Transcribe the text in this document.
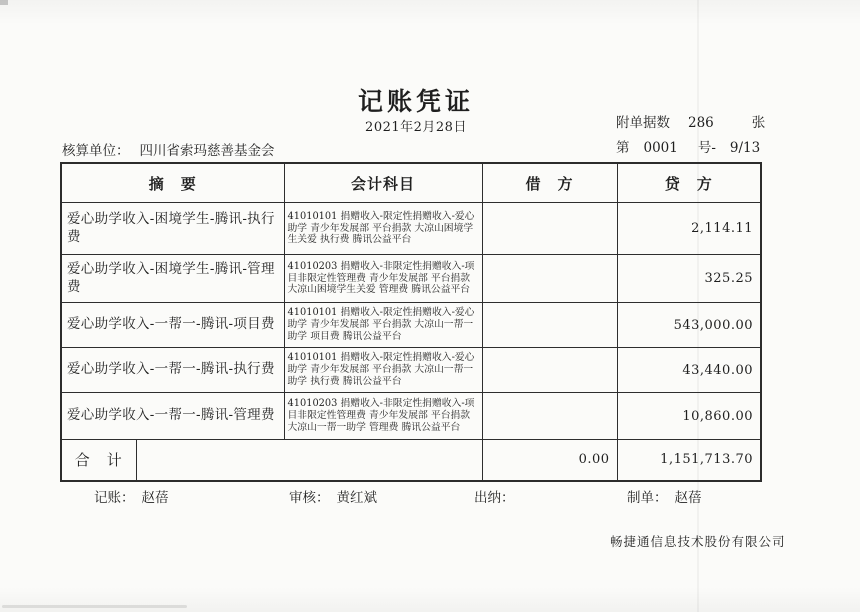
记账凭证
2021年2月28日	附单据数 286	张
第 0001 号- 9/13
核算单位： 四川省索玛慈善基金会
摘　要		会计科目	借　方	贷　方
爱心助学收入-困境学生-腾讯-执行费		41010101 捐赠收入-限定性捐赠收入-爱心助学 青少年发展部 平台捐款 大凉山困境学生关爱 执行费 腾讯公益平台		2,114.11
爱心助学收入-困境学生-腾讯-管理费		41010203 捐赠收入-非限定性捐赠收入-项目非限定性管理费 青少年发展部 平台捐款 大凉山困境学生关爱 管理费 腾讯公益平台		325.25
爱心助学收入-一帮一-腾讯-项目费		41010101 捐赠收入-限定性捐赠收入-爱心助学 青少年发展部 平台捐款 大凉山一帮一助学 项目费 腾讯公益平台		543,000.00
爱心助学收入-一帮一-腾讯-执行费		41010101 捐赠收入-限定性捐赠收入-爱心助学 青少年发展部 平台捐款 大凉山一帮一助学 执行费 腾讯公益平台		43,440.00
爱心助学收入-一帮一-腾讯-管理费		41010203 捐赠收入-非限定性捐赠收入-项目非限定性管理费 青少年发展部 平台捐款 大凉山一帮一助学 管理费 腾讯公益平台		10,860.00
合　计			0.00	1,151,713.70
记账： 赵蓓	审核： 黄红斌	出纳：	制单： 赵蓓
畅捷通信息技术股份有限公司
